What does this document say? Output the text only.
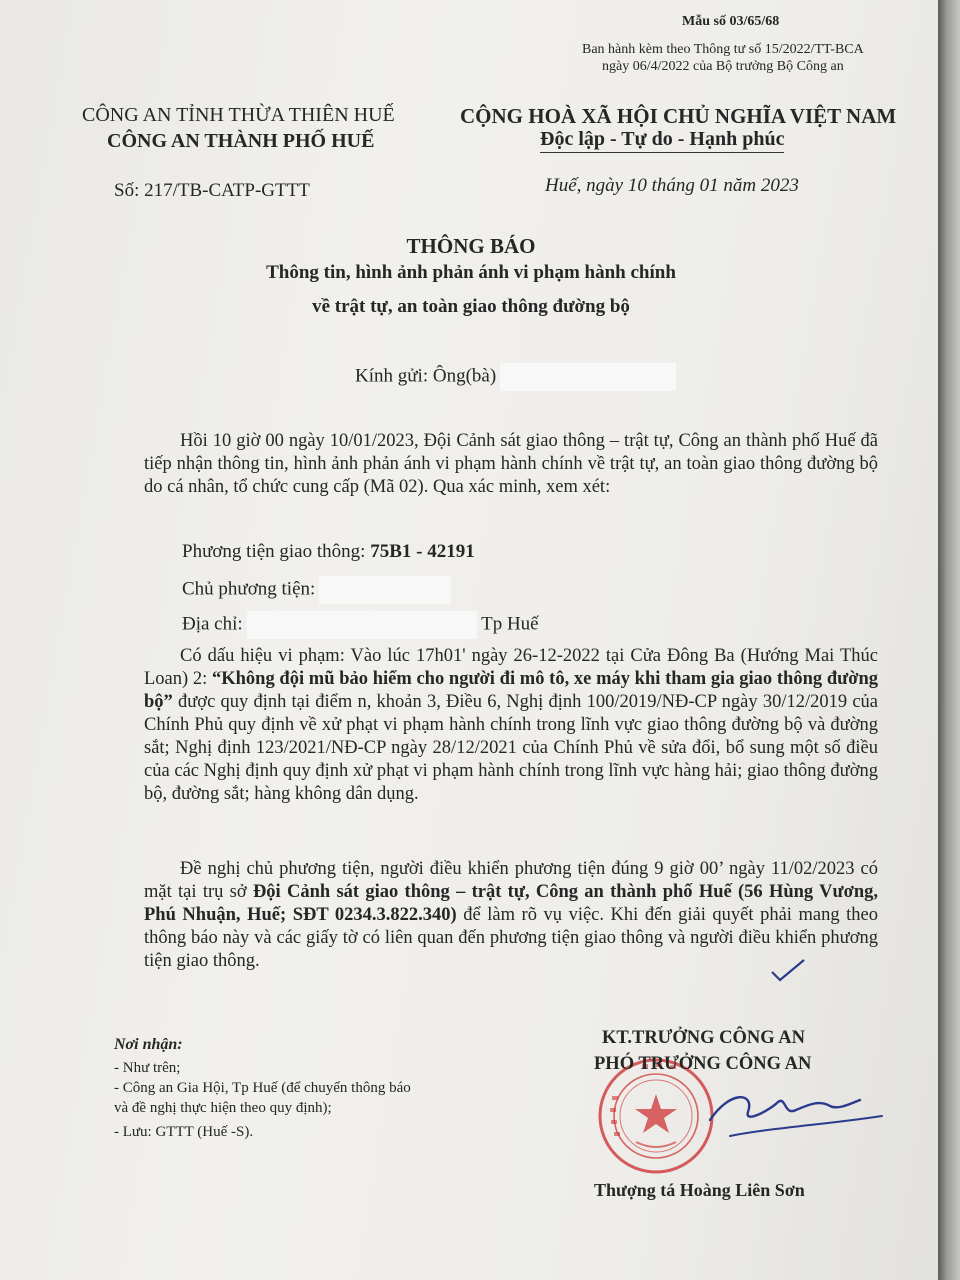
Mẫu số 03/65/68
Ban hành kèm theo Thông tư số 15/2022/TT-BCA
ngày 06/4/2022 của Bộ trưởng Bộ Công an
CÔNG AN TỈNH THỪA THIÊN HUẾ
CÔNG AN THÀNH PHỐ HUẾ
CỘNG HOÀ XÃ HỘI CHỦ NGHĨA VIỆT NAM
Độc lập - Tự do - Hạnh phúc
Số: 217/TB-CATP-GTTT	Huế, ngày 10 tháng 01 năm 2023
THÔNG BÁO
Thông tin, hình ảnh phản ánh vi phạm hành chính
về trật tự, an toàn giao thông đường bộ
Kính gửi: Ông(bà)
Hồi 10 giờ 00 ngày 10/01/2023, Đội Cảnh sát giao thông – trật tự, Công an thành phố Huế đã tiếp nhận thông tin, hình ảnh phản ánh vi phạm hành chính về trật tự, an toàn giao thông đường bộ do cá nhân, tổ chức cung cấp (Mã 02). Qua xác minh, xem xét:
Phương tiện giao thông: 75B1 - 42191
Chủ phương tiện:
Địa chỉ:	Tp Huế
Có dấu hiệu vi phạm: Vào lúc 17h01' ngày 26-12-2022 tại Cửa Đông Ba (Hướng Mai Thúc Loan) 2: “Không đội mũ bảo hiểm cho người đi mô tô, xe máy khi tham gia giao thông đường bộ” được quy định tại điểm n, khoản 3, Điều 6, Nghị định 100/2019/NĐ-CP ngày 30/12/2019 của Chính Phủ quy định về xử phạt vi phạm hành chính trong lĩnh vực giao thông đường bộ và đường sắt; Nghị định 123/2021/NĐ-CP ngày 28/12/2021 của Chính Phủ về sửa đổi, bổ sung một số điều của các Nghị định quy định xử phạt vi phạm hành chính trong lĩnh vực hàng hải; giao thông đường bộ, đường sắt; hàng không dân dụng.
Đề nghị chủ phương tiện, người điều khiển phương tiện đúng 9 giờ 00’ ngày 11/02/2023 có mặt tại trụ sở Đội Cảnh sát giao thông – trật tự, Công an thành phố Huế (56 Hùng Vương, Phú Nhuận, Huế; SĐT 0234.3.822.340) để làm rõ vụ việc. Khi đến giải quyết phải mang theo thông báo này và các giấy tờ có liên quan đến phương tiện giao thông và người điều khiển phương tiện giao thông.
Nơi nhận:
- Như trên;
- Công an Gia Hội, Tp Huế (để chuyển thông báo
và đề nghị thực hiện theo quy định);
- Lưu: GTTT (Huế -S).
KT.TRƯỞNG CÔNG AN
PHÓ TRƯỞNG CÔNG AN
Thượng tá Hoàng Liên Sơn
